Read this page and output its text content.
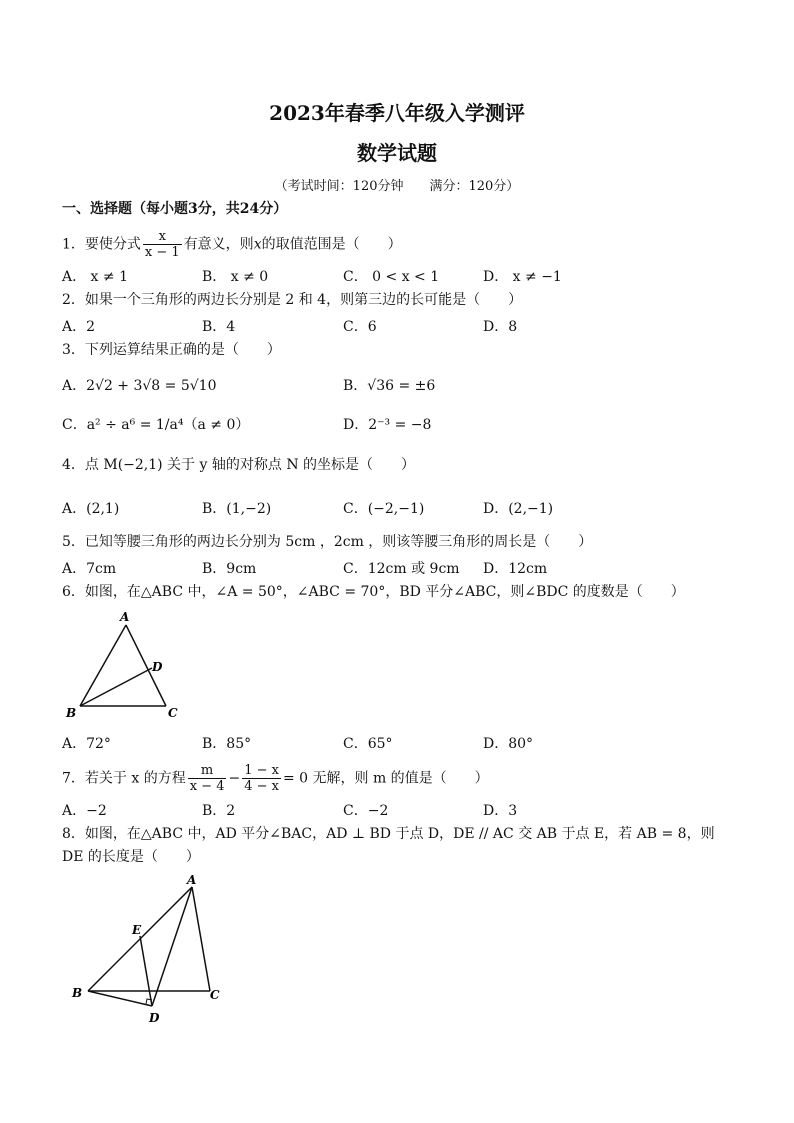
2023年春季八年级入学测评
数学试题
（考试时间：120分钟　　满分：120分）
一、选择题（每小题3分，共24分）
1．要使分式 $\frac{x}{x - 1}$ 有意义，则x的取值范围是（　　）
A． x ≠ 1	B． x ≠ 0	C． 0 < x < 1	D． x ≠ −1
2．如果一个三角形的两边长分别是 2 和 4，则第三边的长可能是（　　）
A．2	B．4	C．6	D．8
3．下列运算结果正确的是（　　）
A．2√2 + 3√8 = 5√10	B．√36 = ±6
C．a² ÷ a⁶ = 1/a⁴（a ≠ 0）	D．2⁻³ = −8
4．点 M(−2,1) 关于 y 轴的对称点 N 的坐标是（　　）
A．(2,1)	B．(1,−2)	C．(−2,−1)	D．(2,−1)
5．已知等腰三角形的两边长分别为 5cm ，2cm ，则该等腰三角形的周长是（　　）
A．7cm	B．9cm	C．12cm 或 9cm D．12cm
6．如图，在△ABC 中，∠A = 50°，∠ABC = 70°，BD 平分∠ABC，则∠BDC 的度数是（　　）
A
D
B	C
A．72°	B．85°	C．65°	D．80°
7．若关于 x 的方程 $\frac{m}{x - 4} - \frac{1 - x}{4 - x} = 0$ 无解，则 m 的值是（　　）
A．−2	B．2	C．−2	D．3
8．如图，在△ABC 中，AD 平分∠BAC，AD ⊥ BD 于点 D，DE // AC 交 AB 于点 E，若 AB = 8，则
DE 的长度是（　　）
A
E
B	C
D
